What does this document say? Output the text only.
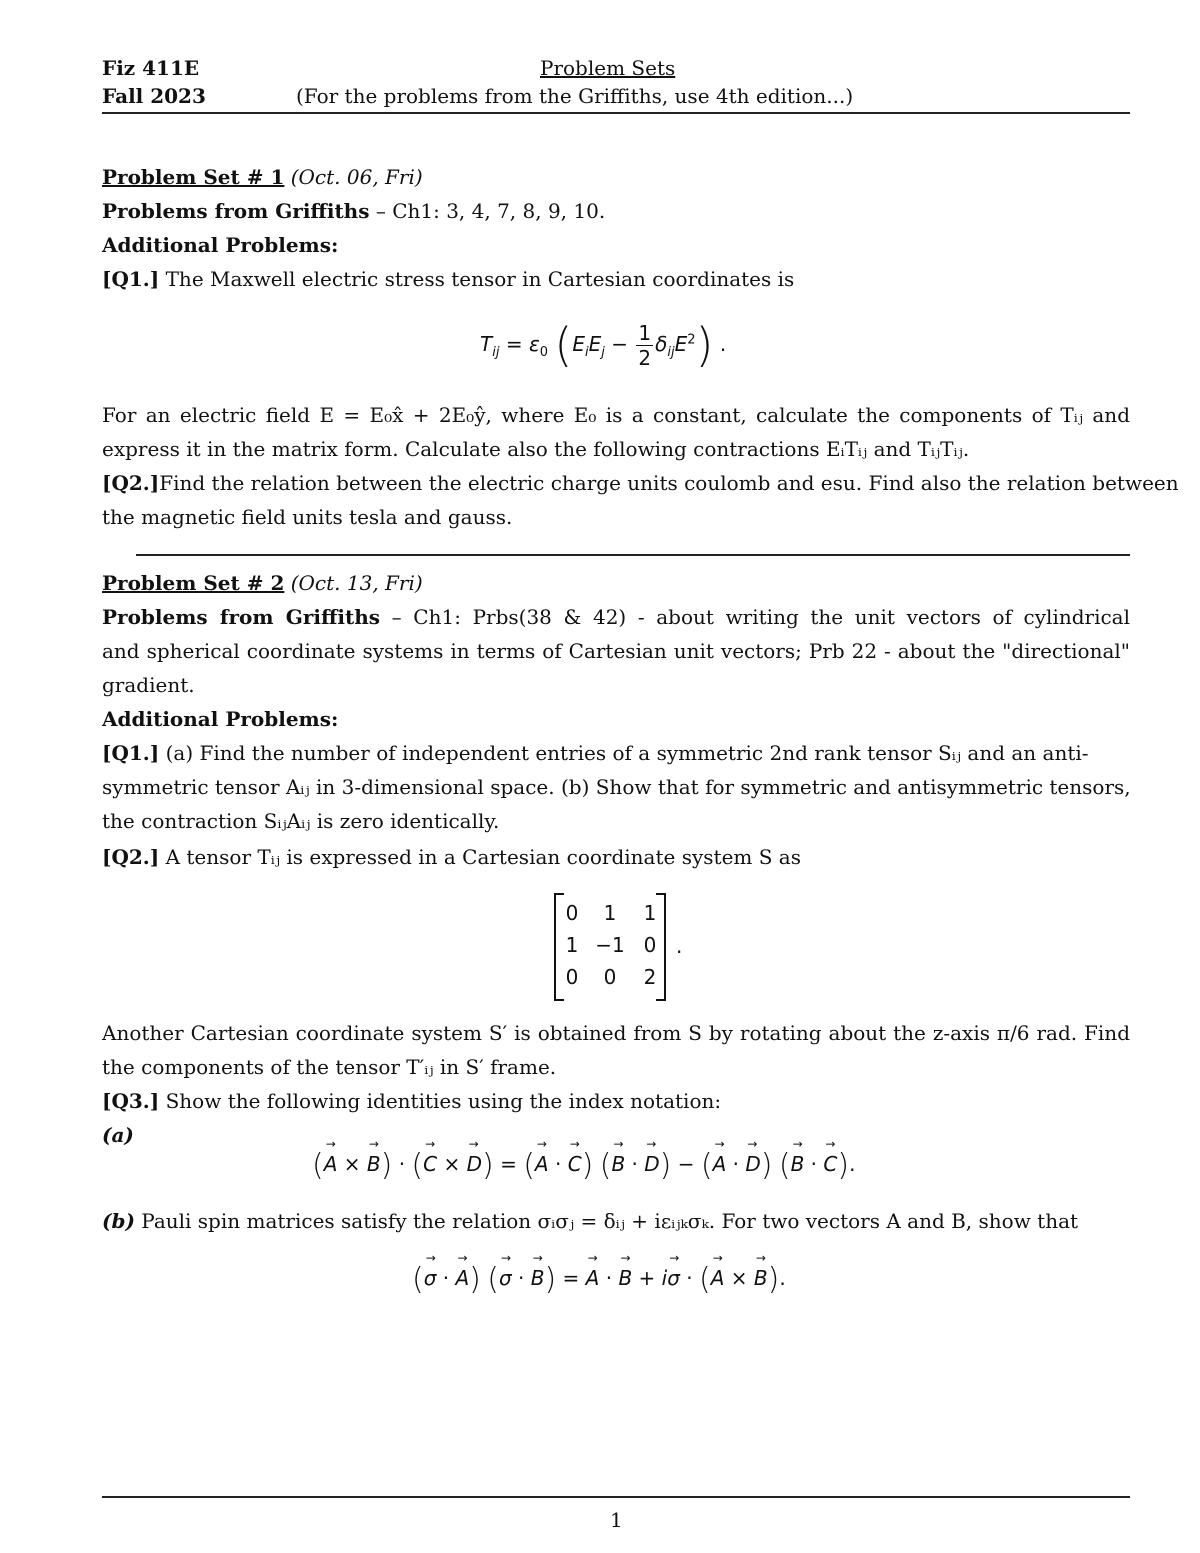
Fiz 411E
Fall 2023
Problem Sets
(For the problems from the Griffiths, use 4th edition...)
Problem Set # 1 (Oct. 06, Fri)
Problems from Griffiths – Ch1: 3, 4, 7, 8, 9, 10.
Additional Problems:
[Q1.] The Maxwell electric stress tensor in Cartesian coordinates is
$T_{ij} = \varepsilon_0$ $(E_iE_j - \frac{1}{2} \delta_{ij}E^2)$ .
For an electric field E = E₀x̂ + 2E₀ŷ, where E₀ is a constant, calculate the components of Tᵢⱼ and
express it in the matrix form. Calculate also the following contractions EᵢTᵢⱼ and TᵢⱼTᵢⱼ.
[Q2.]Find the relation between the electric charge units coulomb and esu. Find also the relation between
the magnetic field units tesla and gauss.
Problem Set # 2 (Oct. 13, Fri)
Problems from Griffiths – Ch1: Prbs(38 & 42) - about writing the unit vectors of cylindrical
and spherical coordinate systems in terms of Cartesian unit vectors; Prb 22 - about the "directional"
gradient.
Additional Problems:
[Q1.] (a) Find the number of independent entries of a symmetric 2nd rank tensor Sᵢⱼ and an anti-
symmetric tensor Aᵢⱼ in 3-dimensional space. (b) Show that for symmetric and antisymmetric tensors,
the contraction SᵢⱼAᵢⱼ is zero identically.
[Q2.] A tensor Tᵢⱼ is expressed in a Cartesian coordinate system S as
0	1	1
1 −1 0
0	0	2
.
Another Cartesian coordinate system S′ is obtained from S by rotating about the z-axis π/6 rad. Find
the components of the tensor T′ᵢⱼ in S′ frame.
[Q3.] Show the following identities using the index notation:
(a)
(→ A × → B) · (→ C × → D) = (→ A · → C) (→ B · → D) − (→ A · → D) (→ B · → C).
(b) Pauli spin matrices satisfy the relation σᵢσⱼ = δᵢⱼ + iεᵢⱼₖσₖ. For two vectors A and B, show that
(→ σ · → A) (→ σ · → B) = → A · → B + i→ σ · (→ A × → B).
1
